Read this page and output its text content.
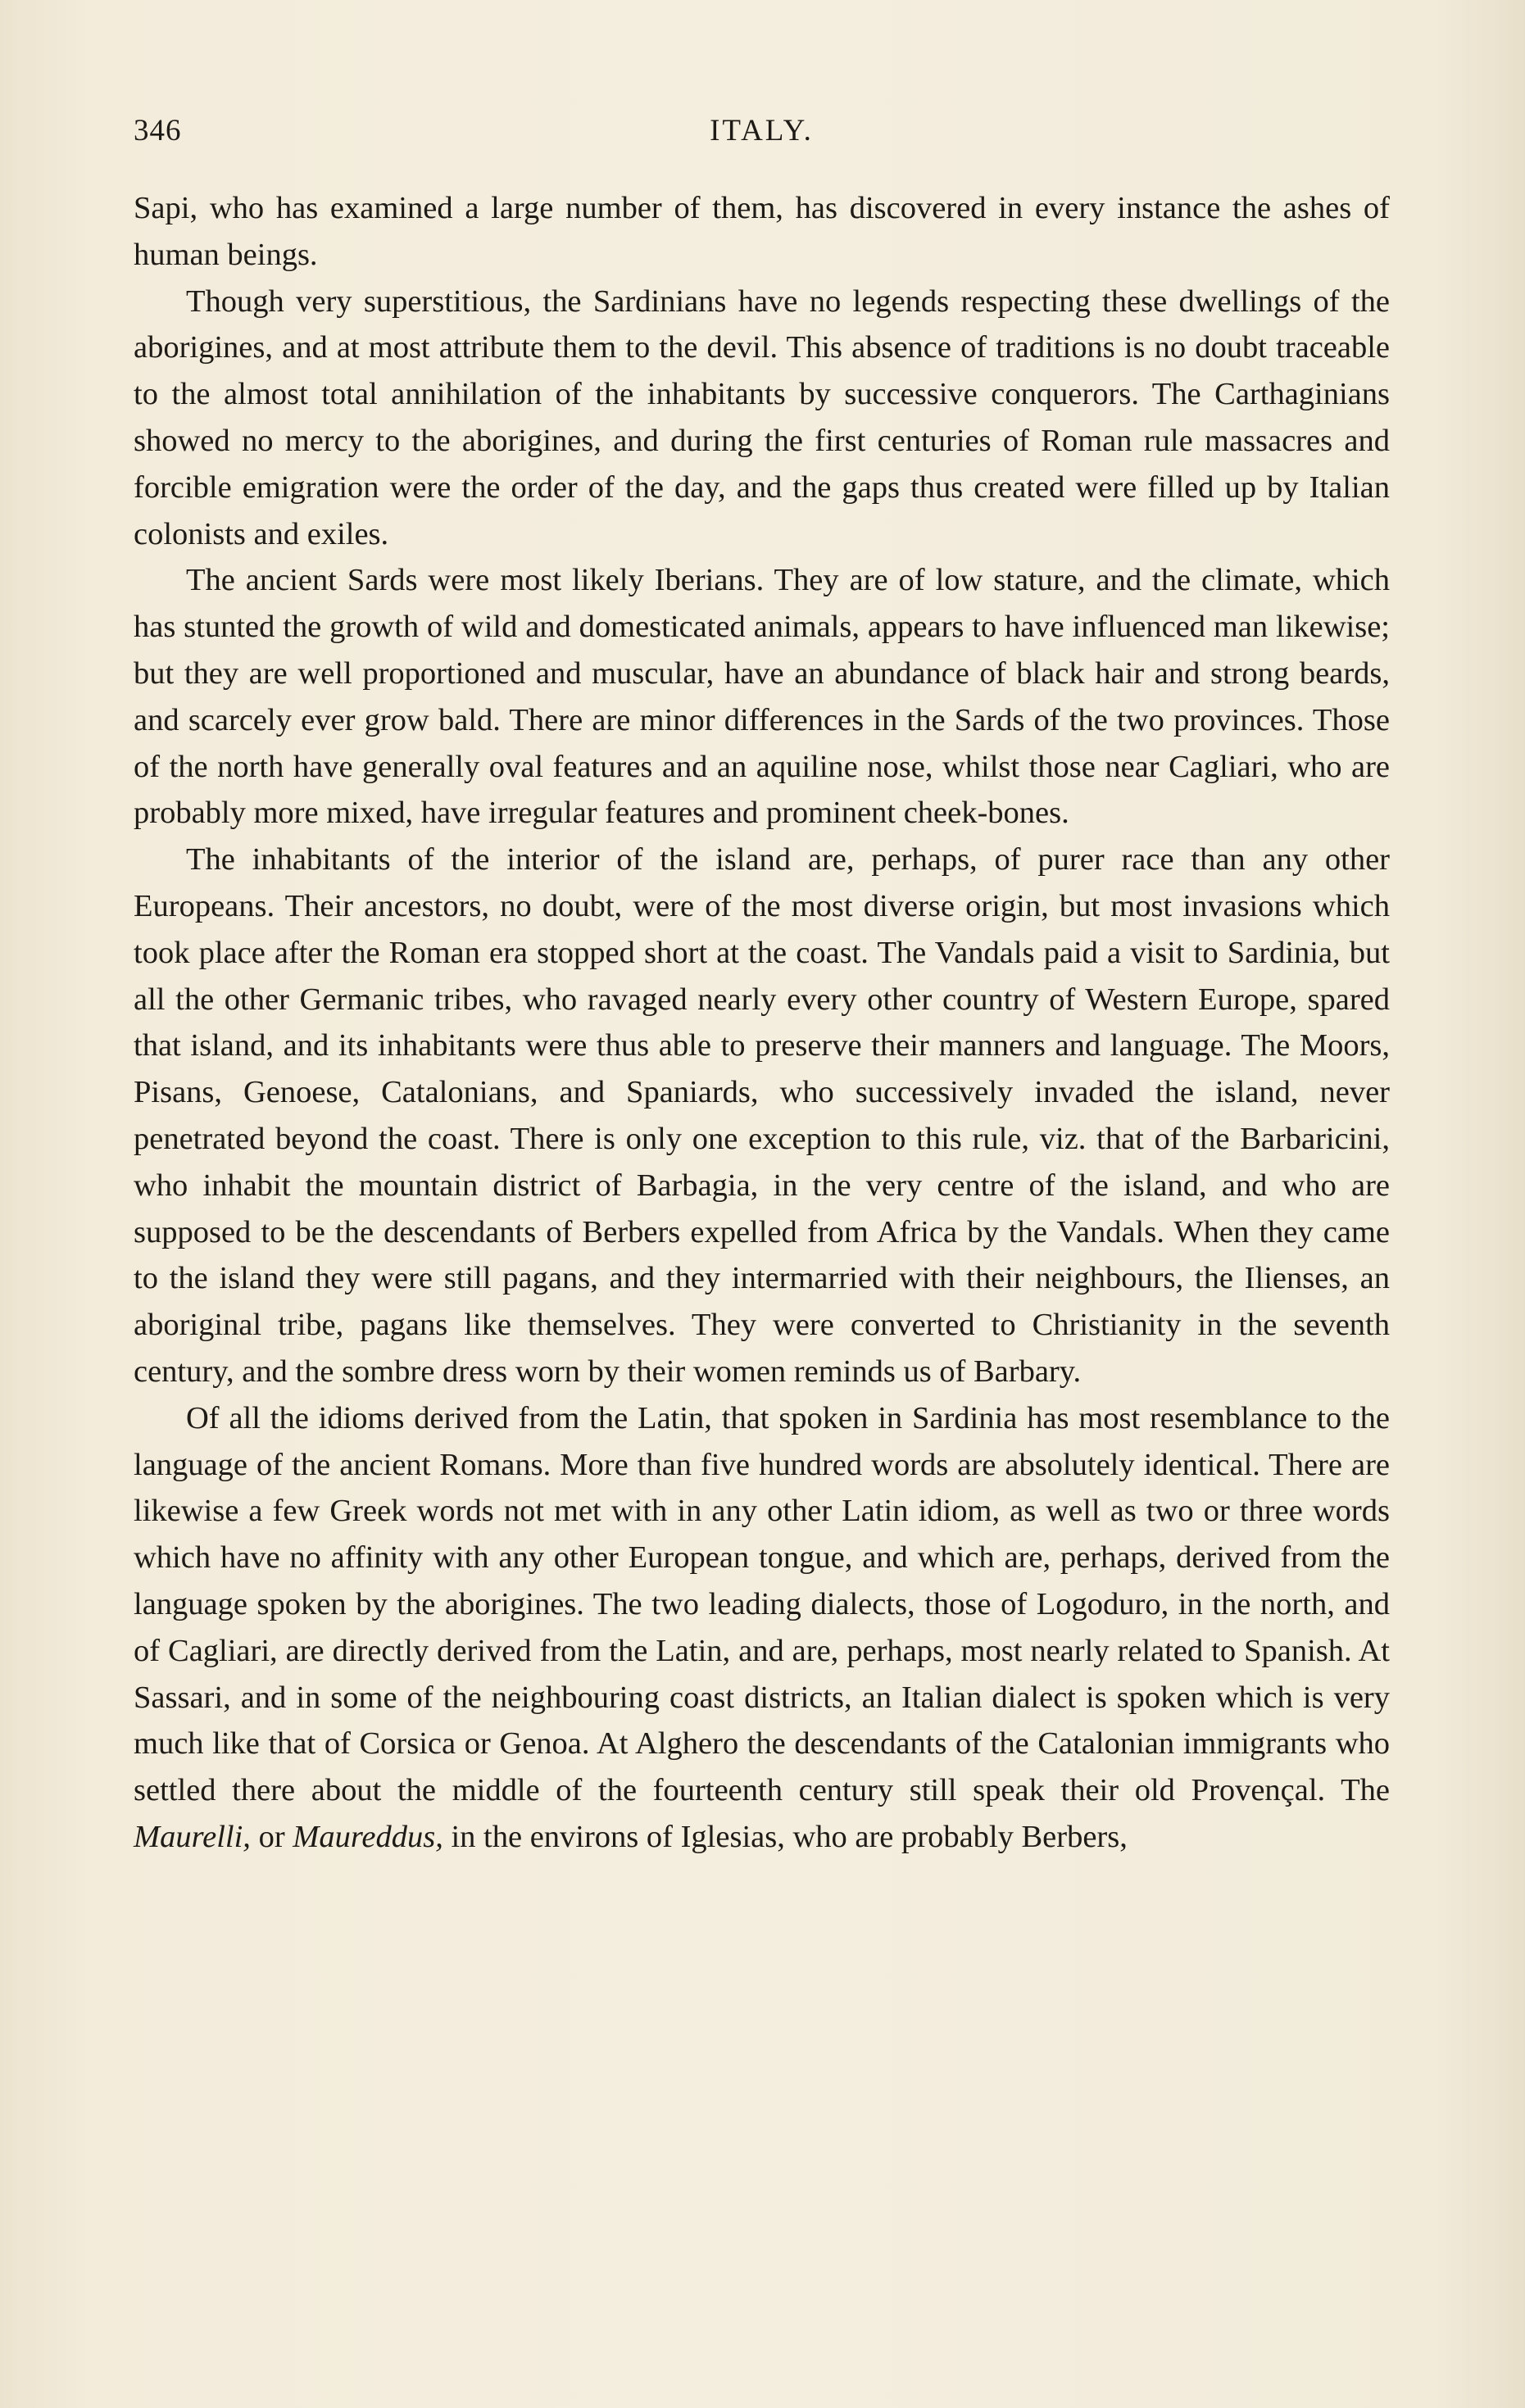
346	ITALY.

Sapi, who has examined a large number of them, has discovered in every instance the ashes of human beings.

Though very superstitious, the Sardinians have no legends respecting these dwellings of the aborigines, and at most attribute them to the devil. This absence of traditions is no doubt traceable to the almost total annihilation of the inhabitants by successive conquerors. The Carthaginians showed no mercy to the aborigines, and during the first centuries of Roman rule massacres and forcible emigration were the order of the day, and the gaps thus created were filled up by Italian colonists and exiles.

The ancient Sards were most likely Iberians. They are of low stature, and the climate, which has stunted the growth of wild and domesticated animals, appears to have influenced man likewise; but they are well proportioned and muscular, have an abundance of black hair and strong beards, and scarcely ever grow bald. There are minor differences in the Sards of the two provinces. Those of the north have generally oval features and an aquiline nose, whilst those near Cagliari, who are probably more mixed, have irregular features and prominent cheek-bones.

The inhabitants of the interior of the island are, perhaps, of purer race than any other Europeans. Their ancestors, no doubt, were of the most diverse origin, but most invasions which took place after the Roman era stopped short at the coast. The Vandals paid a visit to Sardinia, but all the other Germanic tribes, who ravaged nearly every other country of Western Europe, spared that island, and its inhabitants were thus able to preserve their manners and language. The Moors, Pisans, Genoese, Catalonians, and Spaniards, who successively invaded the island, never penetrated beyond the coast. There is only one exception to this rule, viz. that of the Barbaricini, who inhabit the mountain district of Barbagia, in the very centre of the island, and who are supposed to be the descendants of Berbers expelled from Africa by the Vandals. When they came to the island they were still pagans, and they intermarried with their neighbours, the Ilienses, an aboriginal tribe, pagans like themselves. They were converted to Christianity in the seventh century, and the sombre dress worn by their women reminds us of Barbary.

Of all the idioms derived from the Latin, that spoken in Sardinia has most resemblance to the language of the ancient Romans. More than five hundred words are absolutely identical. There are likewise a few Greek words not met with in any other Latin idiom, as well as two or three words which have no affinity with any other European tongue, and which are, perhaps, derived from the language spoken by the aborigines. The two leading dialects, those of Logoduro, in the north, and of Cagliari, are directly derived from the Latin, and are, perhaps, most nearly related to Spanish. At Sassari, and in some of the neighbouring coast districts, an Italian dialect is spoken which is very much like that of Corsica or Genoa. At Alghero the descendants of the Catalonian immigrants who settled there about the middle of the fourteenth century still speak their old Provençal. The Maurelli, or Maureddus, in the environs of Iglesias, who are probably Berbers,
